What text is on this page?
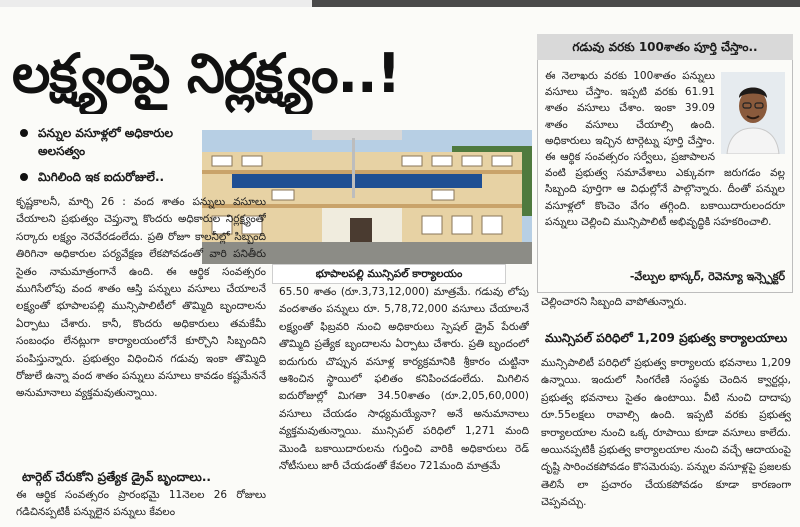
లక్ష్యంపై నిర్లక్ష్యం..!
పన్నుల వసూళ్లలో అధికారుల అలసత్వం
మిగిలింది ఇక ఐదురోజులే..
భూపాలపల్లి మున్సిపల్ కార్యాలయం
కృష్ణకాలనీ, మార్చి 26 : వంద శాతం పన్నులు వసూలు చేయాలని ప్రభుత్వం చెప్తున్నా కొందరు అధికారుల నిర్లక్ష్యంతో సర్కారు లక్ష్యం నెరవేరడంలేదు. ప్రతి రోజూ కాలనీల్లో సిబ్బంది తిరిగినా అధికారుల పర్యవేక్షణ లేకపోవడంతో వారి పనితీరు సైతం నామమాత్రంగానే ఉంది. ఈ ఆర్థిక సంవత్సరం ముగిసేలోపు వంద శాతం ఆస్తి పన్నులు వసూలు చేయాలనే లక్ష్యంతో భూపాలపల్లి మున్సిపాలిటీలో తొమ్మిది బృందాలను ఏర్పాటు చేశారు. కానీ, కొందరు అధికారులు తమకేమీ సంబంధం లేనట్లుగా కార్యాలయంలోనే కూర్చొని సిబ్బందిని పంపిస్తున్నారు. ప్రభుత్వం విధించిన గడువు ఇంకా తొమ్మిది రోజులే ఉన్నా వంద శాతం పన్నులు వసూలు కావడం కష్టమేననే అనుమానాలు వ్యక్తమవుతున్నాయి.
టార్గెట్ చేరుకోని ప్రత్యేక డ్రైవ్ బృందాలు..
ఈ ఆర్థిక సంవత్సరం ప్రారంభమై 11నెలల 26 రోజులు గడిచినప్పటికీ పన్నులైన పన్నులు కేవలం
65.50 శాతం (రూ.3,73,12,000) మాత్రమే. గడువు లోపు వందశాతం పన్నులు రూ. 5,78,72,000 వసూలు చేయాలనే లక్ష్యంతో ఫిబ్రవరి నుంచి అధికారులు స్పెషల్ డ్రైవ్ పేరుతో తొమ్మిది ప్రత్యేక బృందాలను ఏర్పాటు చేశారు. ప్రతి బృందంలో ఐదుగురు చొప్పున వసూళ్ల కార్యక్రమానికి శ్రీకారం చుట్టినా ఆశించిన స్థాయిలో ఫలితం కనిపించడంలేదు. మిగిలిన ఐదురోజుల్లో మిగతా 34.50శాతం (రూ.2,05,60,000) వసూలు చేయడం సాధ్యమయ్యేనా? అనే అనుమానాలు వ్యక్తమవుతున్నాయి. మున్సిపల్ పరిధిలో 1,271 మంది మొండి బకాయిదారులను గుర్తించి వారికి అధికారులు రెడ్ నోటీసులు జారీ చేయడంతో కేవలం 721మంది మాత్రమే
గడువు వరకు 100శాతం పూర్తి చేస్తాం..
ఈ నెలాఖరు వరకు 100శాతం పన్నులు వసూలు చేస్తాం. ఇప్పటి వరకు 61.91 శాతం వసూలు చేశాం. ఇంకా 39.09 శాతం వసూలు చేయాల్సి ఉంది. అధికారులు ఇచ్చిన టార్గెట్ను పూర్తి చేస్తాం. ఈ ఆర్థిక సంవత్సరం సర్వేలు, ప్రజాపాలన వంటి ప్రభుత్వ సమావేశాలు ఎక్కువగా జరుగడం వల్ల సిబ్బంది పూర్తిగా ఆ విధుల్లోనే పాల్గొన్నారు. దీంతో పన్నుల వసూళ్లలో కొంచెం వేగం తగ్గింది. బకాయిదారులందరూ పన్నులు చెల్లించి మున్సిపాలిటీ అభివృద్ధికి సహకరించాలి.
-వేల్పుల భాస్కర్, రెవెన్యూ ఇన్స్పెక్టర్
చెల్లించారని సిబ్బంది వాపోతున్నారు.
మున్సిపల్ పరిధిలో 1,209 ప్రభుత్వ కార్యాలయాలు
మున్సిపాలిటీ పరిధిలో ప్రభుత్వ కార్యాలయ భవనాలు 1,209 ఉన్నాయి. ఇందులో సింగరేణి సంస్థకు చెందిన క్వార్టర్లు, ప్రభుత్వ భవనాలు సైతం ఉంటాయి. వీటి నుంచి దాదాపు రూ.55లక్షలు రావాల్సి ఉంది. ఇప్పటి వరకు ప్రభుత్వ కార్యాలయాల నుంచి ఒక్క రూపాయి కూడా వసూలు కాలేదు. అయినప్పటికీ ప్రభుత్వ కార్యాలయాల నుంచి వచ్చే ఆదాయంపై దృష్టి సారించకపోవడం కొసమెరుపు. పన్నుల వసూళ్లపై ప్రజలకు తెలిసే లా ప్రచారం చేయకపోవడం కూడా కారణంగా చెప్పవచ్చు.
